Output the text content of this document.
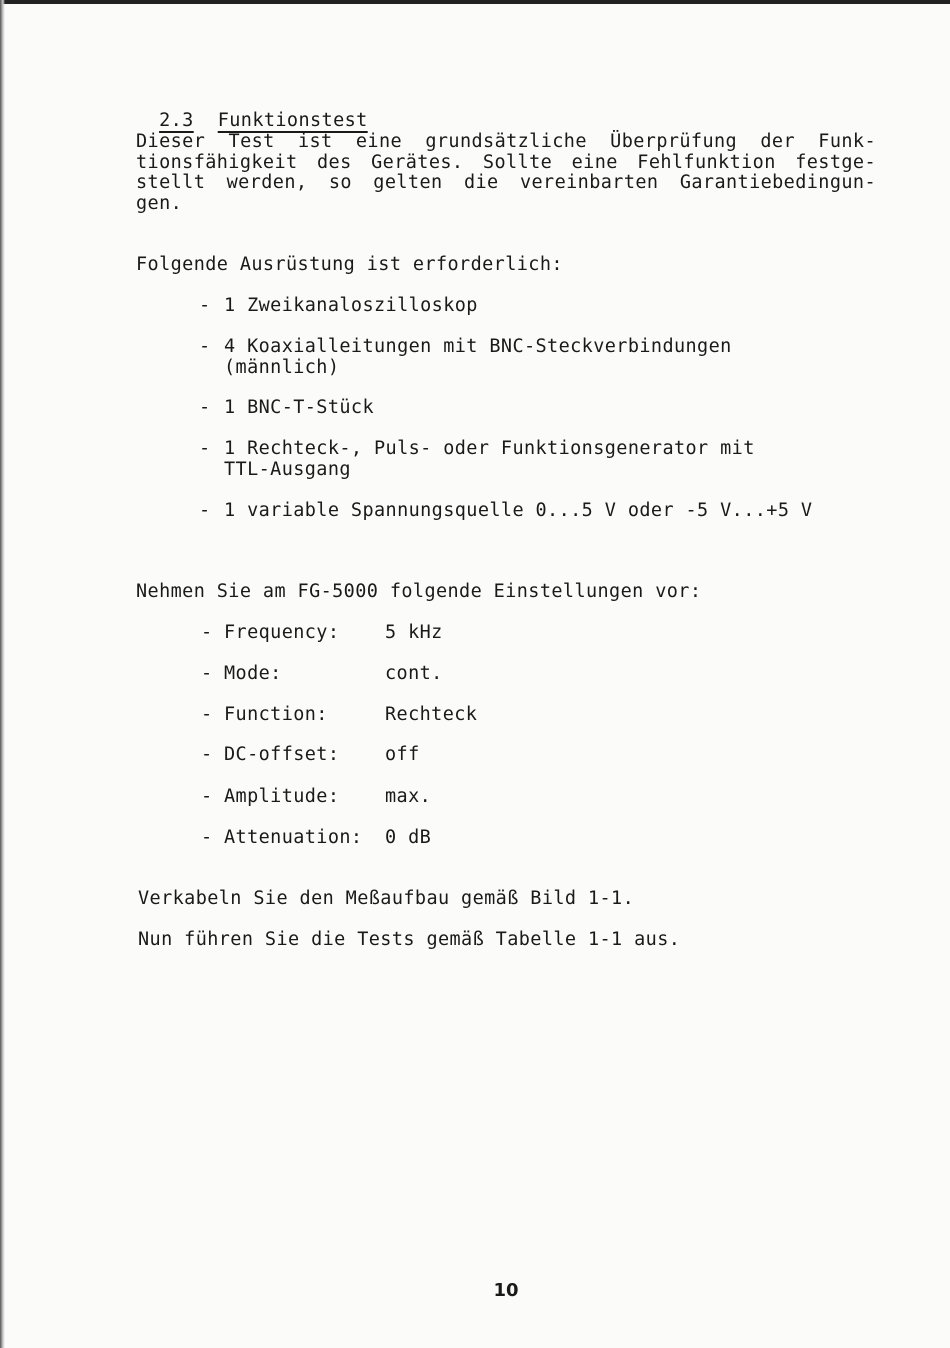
2.3 Funktionstest

Dieser Test ist eine grundsätzliche Überprüfung der Funk-
tionsfähigkeit des Gerätes. Sollte eine Fehlfunktion festge-
stellt werden, so gelten die vereinbarten Garantiebedingun-
gen.
Folgende Ausrüstung ist erforderlich:
- 1 Zweikanaloszilloskop
- 4 Koaxialleitungen mit BNC-Steckverbindungen
(männlich)
- 1 BNC-T-Stück
- 1 Rechteck-, Puls- oder Funktionsgenerator mit
TTL-Ausgang
- 1 variable Spannungsquelle 0...5 V oder -5 V...+5 V
Nehmen Sie am FG-5000 folgende Einstellungen vor:
- Frequency: 5 kHz
- Mode:	cont.
- Function:	Rechteck
- DC-offset: off
- Amplitude: max.
- Attenuation: 0 dB
Verkabeln Sie den Meßaufbau gemäß Bild 1-1.
Nun führen Sie die Tests gemäß Tabelle 1-1 aus.
10
